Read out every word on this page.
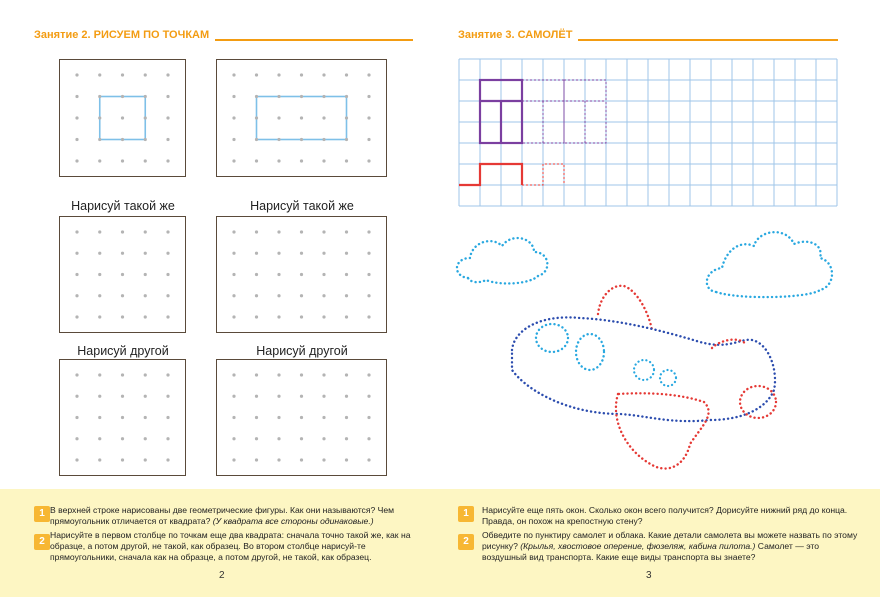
Занятие 2. РИСУЕМ ПО ТОЧКАМ
Нарисуй такой же	Нарисуй такой же
Нарисуй другой	Нарисуй другой
1 В верхней строке нарисованы две геометрические фигуры. Как они называются? Чем прямоугольник отличается от квадрата? (У квадрата все стороны одинаковые.)
2
Нарисуйте в первом столбце по точкам еще два квадрата: сначала точно такой же, как на образце, а потом другой, не такой, как образец. Во втором столбце нарисуй-те прямоугольники, сначала как на образце, а потом другой, не такой, как образец.
2
Занятие 3. САМОЛЁТ
1	Нарисуйте еще пять окон. Сколько окон всего получится? Дорисуйте нижний ряд до конца. Правда, он похож на крепостную стену?
2
Обведите по пунктиру самолет и облака. Какие детали самолета вы можете назвать по этому рисунку? (Крылья, хвостовое оперение, фюзеляж, кабина пилота.) Самолет — это воздушный вид транспорта. Какие еще виды транспорта вы знаете?
3
